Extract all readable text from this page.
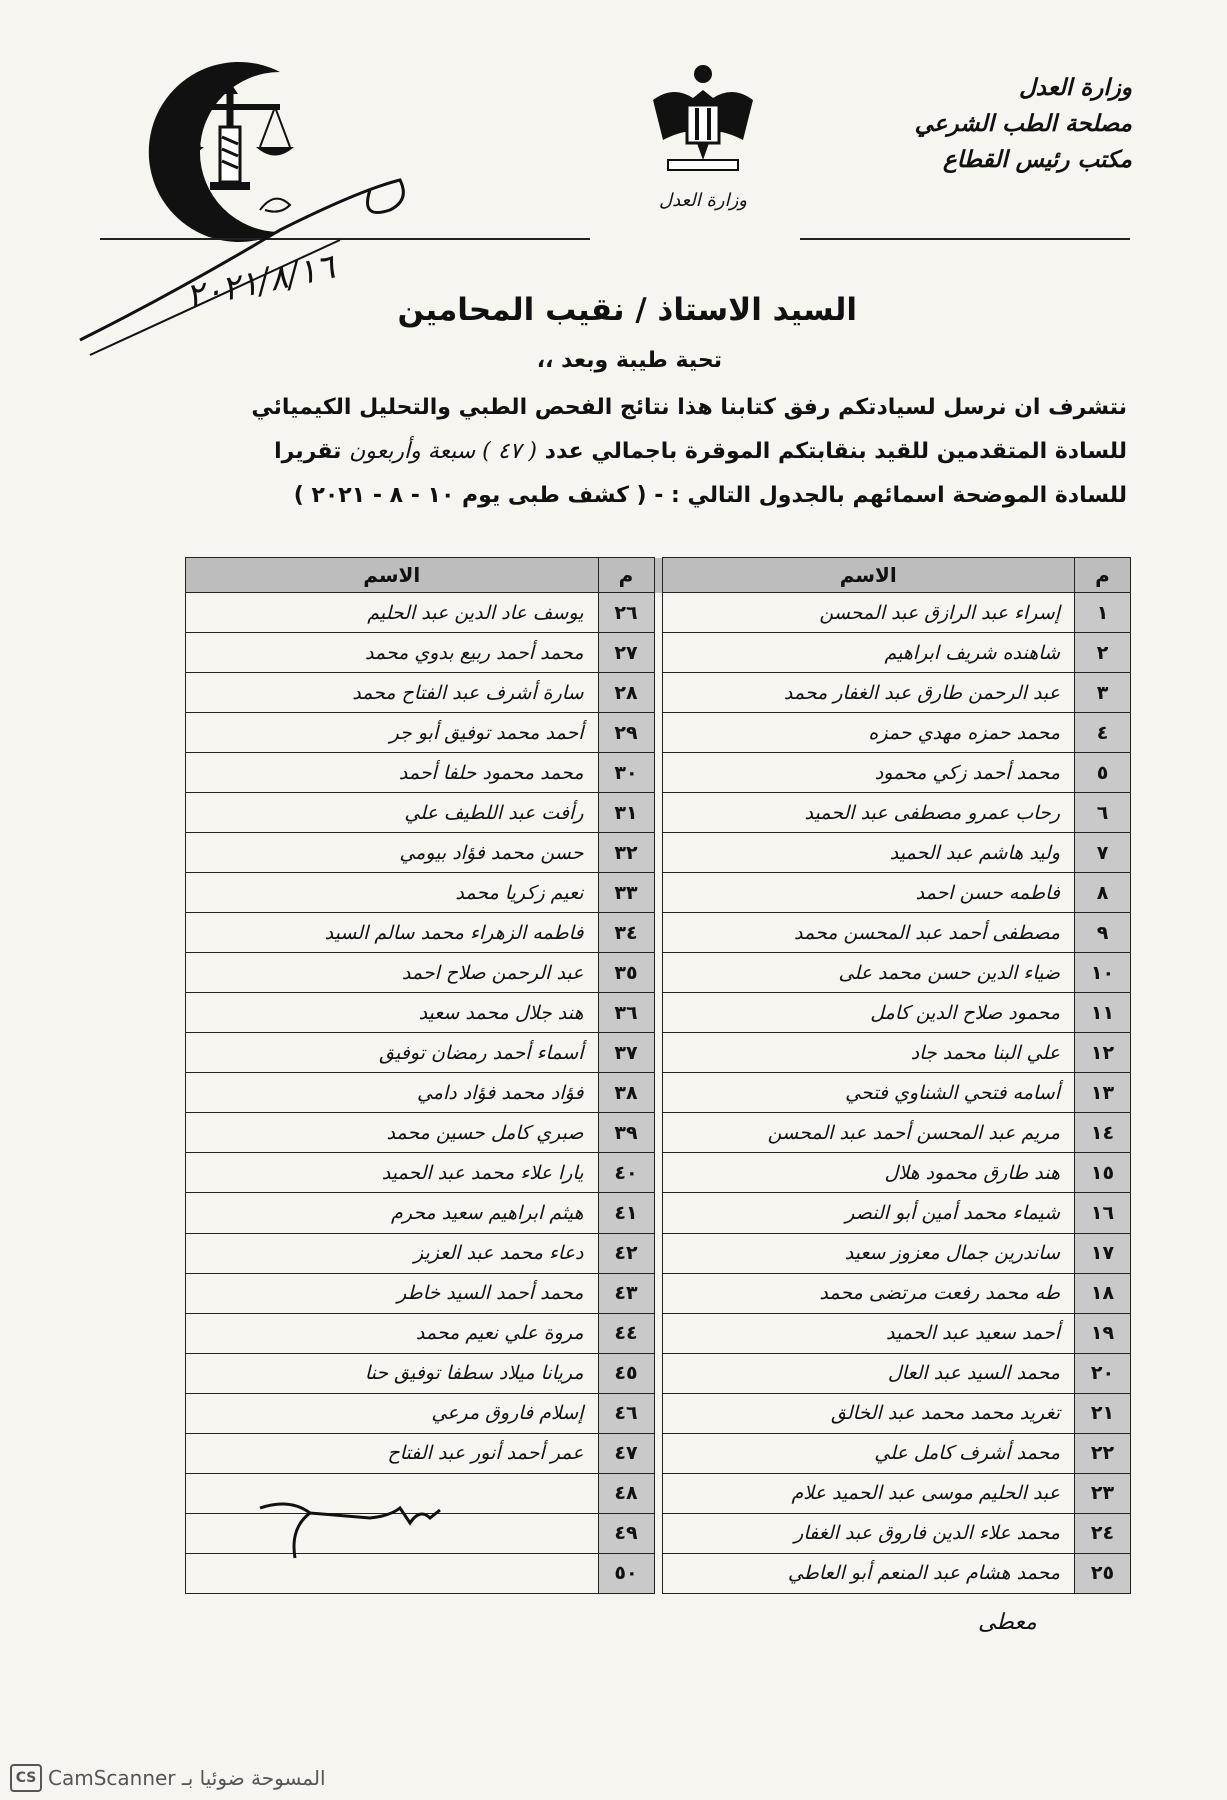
وزارة العدل
وزارة العدل
مصلحة الطب الشرعي
مكتب رئيس القطاع
٢٠٢١/٨/١٦ السيد الاستاذ / نقيب المحامين
تحية طيبة وبعد ،،
نتشرف ان نرسل لسيادتكم رفق كتابنا هذا نتائج الفحص الطبي والتحليل الكيميائي
للسادة المتقدمين للقيد بنقابتكم الموقرة باجمالي عدد ( ٤٧ ) سبعة وأربعون تقريرا
للسادة الموضحة اسمائهم بالجدول التالي : - ( كشف طبى يوم ١٠ - ٨ - ٢٠٢١ )
م	الاسم		م	الاسم
١	إسراء عبد الرازق عبد المحسن		٢٦	يوسف عاد الدين عبد الحليم
٢	شاهنده شريف ابراهيم		٢٧	محمد أحمد ربيع بدوي محمد
٣	عبد الرحمن طارق عبد الغفار محمد		٢٨	سارة أشرف عبد الفتاح محمد
٤	محمد حمزه مهدي حمزه		٢٩	أحمد محمد توفيق أبو جر
٥	محمد أحمد زكي محمود		٣٠	محمد محمود حلفا أحمد
٦	رحاب عمرو مصطفى عبد الحميد		٣١	رأفت عبد اللطيف علي
٧	وليد هاشم عبد الحميد		٣٢	حسن محمد فؤاد بيومي
٨	فاطمه حسن احمد		٣٣	نعيم زكريا محمد
٩	مصطفى أحمد عبد المحسن محمد		٣٤	فاطمه الزهراء محمد سالم السيد
١٠	ضياء الدين حسن محمد على		٣٥	عبد الرحمن صلاح احمد
١١	محمود صلاح الدين كامل		٣٦	هند جلال محمد سعيد
١٢	علي البنا محمد جاد		٣٧	أسماء أحمد رمضان توفيق
١٣	أسامه فتحي الشناوي فتحي		٣٨	فؤاد محمد فؤاد دامي
١٤	مريم عبد المحسن أحمد عبد المحسن		٣٩	صبري كامل حسين محمد
١٥	هند طارق محمود هلال		٤٠	يارا علاء محمد عبد الحميد
١٦	شيماء محمد أمين أبو النصر		٤١	هيثم ابراهيم سعيد محرم
١٧	ساندرين جمال معزوز سعيد		٤٢	دعاء محمد عبد العزيز
١٨	طه محمد رفعت مرتضى محمد		٤٣	محمد أحمد السيد خاطر
١٩	أحمد سعيد عبد الحميد		٤٤	مروة علي نعيم محمد
٢٠	محمد السيد عبد العال		٤٥	مريانا ميلاد سطفا توفيق حنا
٢١	تغريد محمد محمد عبد الخالق		٤٦	إسلام فاروق مرعي
٢٢	محمد أشرف كامل علي		٤٧	عمر أحمد أنور عبد الفتاح
٢٣	عبد الحليم موسى عبد الحميد علام		٤٨	
٢٤	محمد علاء الدين فاروق عبد الغفار		٤٩	
٢٥	محمد هشام عبد المنعم أبو العاطي		٥٠	
معطى
CS CamScanner المسوحة ضوئيا بـ
